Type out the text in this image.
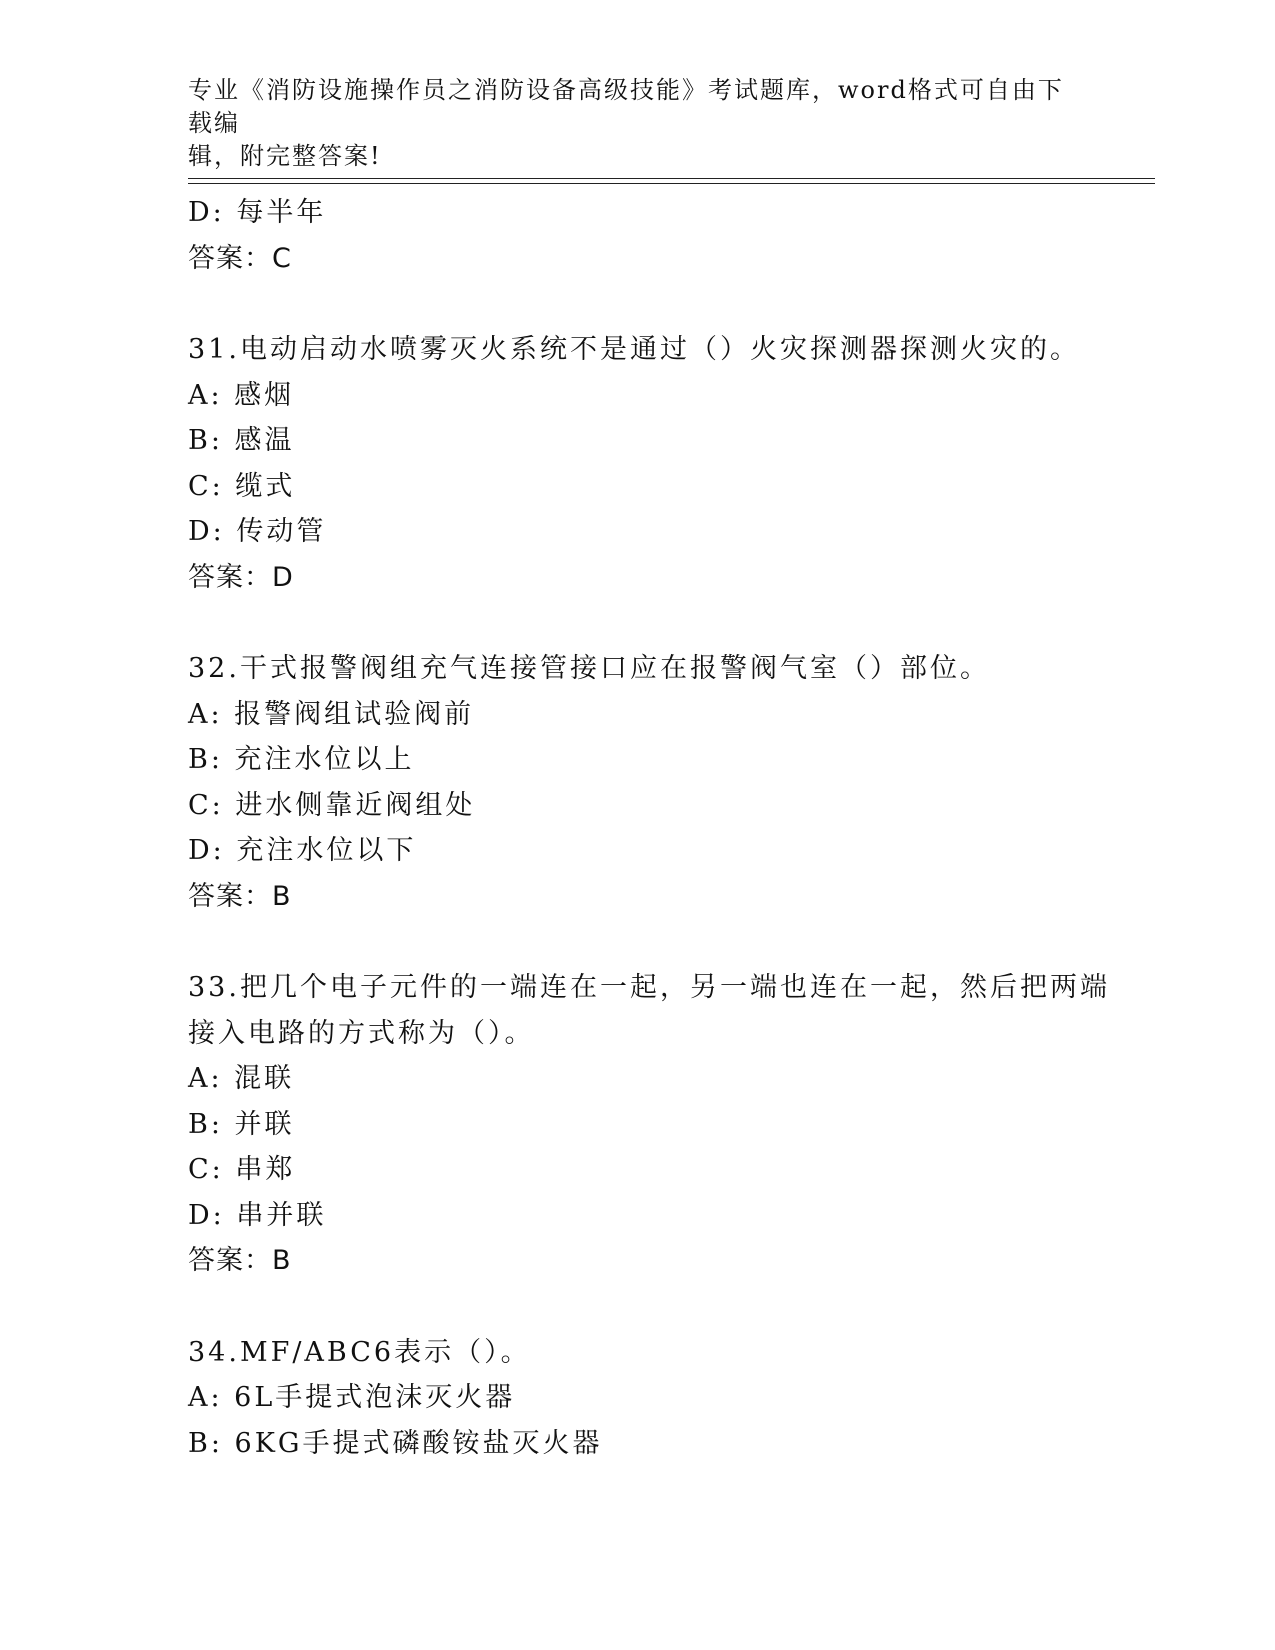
专业《消防设施操作员之消防设备高级技能》考试题库，word格式可自由下载编
辑，附完整答案!
D: 每半年
答案：C
31.电动启动水喷雾灭火系统不是通过（）火灾探测器探测火灾的。
A: 感烟
B: 感温
C: 缆式
D: 传动管
答案：D
32.干式报警阀组充气连接管接口应在报警阀气室（）部位。
A: 报警阀组试验阀前
B: 充注水位以上
C: 进水侧靠近阀组处
D: 充注水位以下
答案：B
33.把几个电子元件的一端连在一起，另一端也连在一起，然后把两端
接入电路的方式称为（）。
A: 混联
B: 并联
C: 串郑
D: 串并联
答案：B
34.MF/ABC6表示（）。
A: 6L手提式泡沫灭火器
B: 6KG手提式磷酸铵盐灭火器
